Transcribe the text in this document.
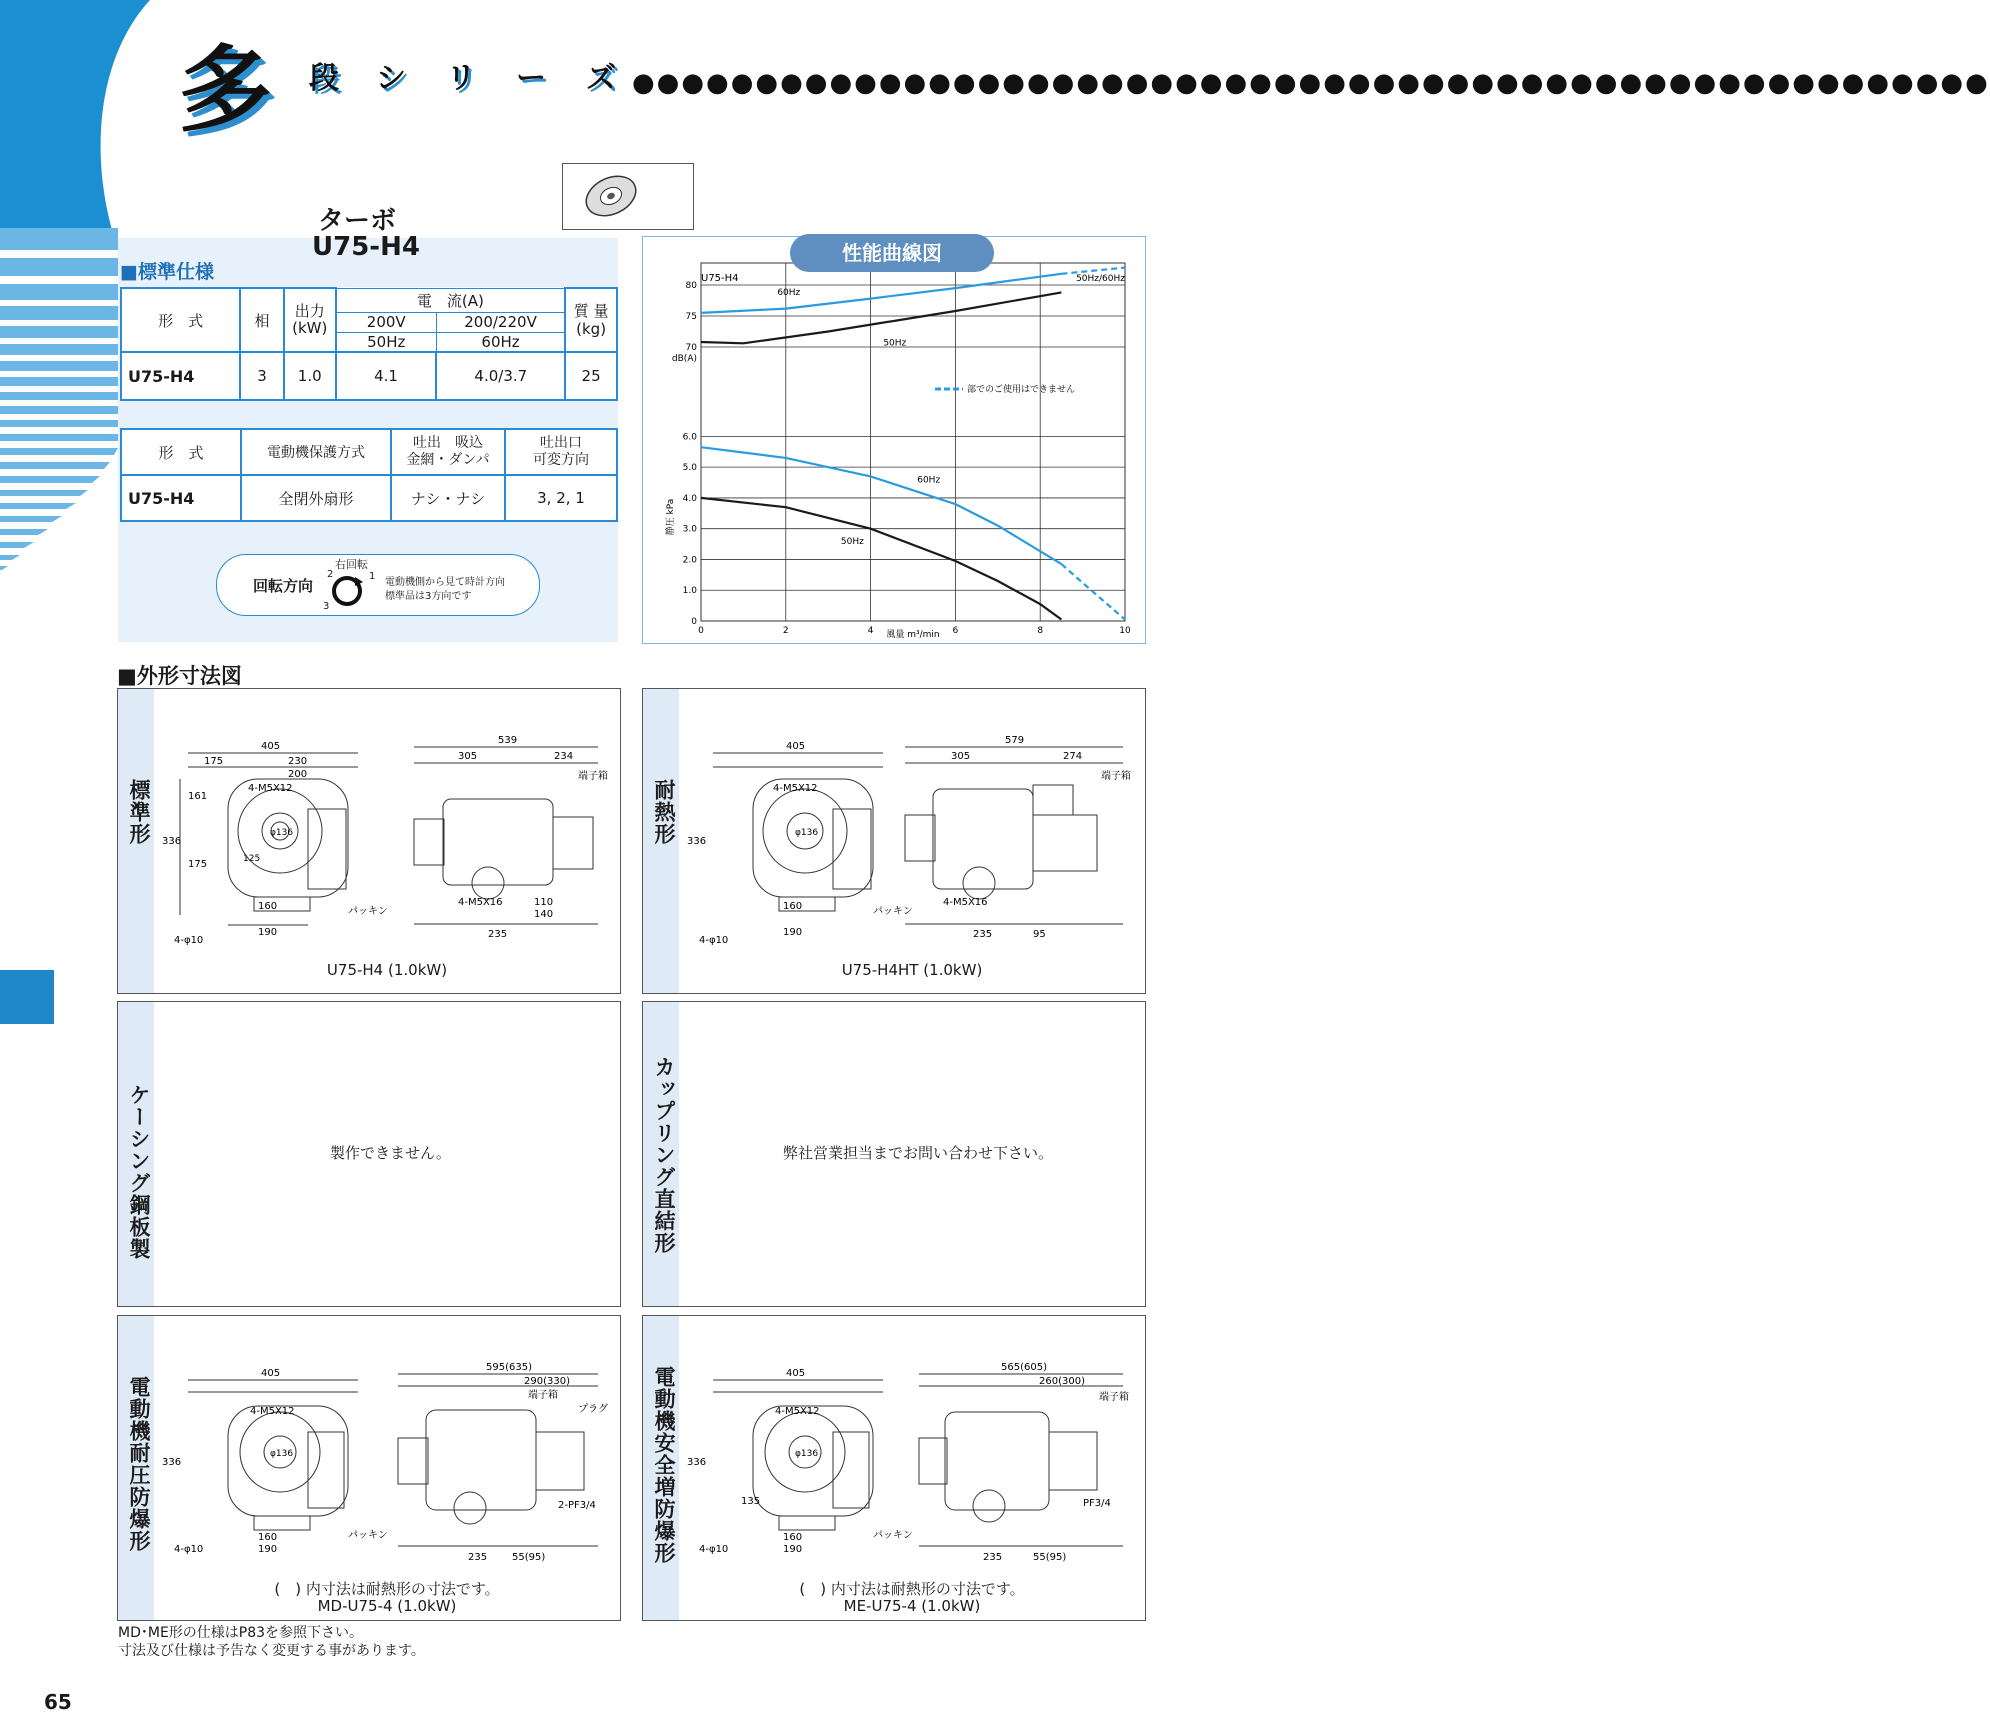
多 段 シ リ ー ズ ●●●●●●●●●●●●●●●●●●●●●●●●●●●●●●●●●●●●●●●●●●●●●●●●●●●●●●●
ターボ
U75-H4
■標準仕様
形　式	相	出力
(kW)	電　流(A)		質 量
(kg)
			200V	200/220V	
			50Hz	60Hz	
U75-H4	3	1.0	4.1	4.0/3.7	25
形　式	電動機保護方式	吐出　吸込
金網・ダンパ	吐出口
可変方向
U75-H4	全閉外扇形	ナシ・ナシ	3, 2, 1
回転方向
右回転
2	1
3
電動機側から見て時計方向
標準品は3方向です
U75-H4	50Hz/60Hz
0	2	4	6	8	10
0
1.0
2.0
3.0
4.0
5.0
6.0
70
75
80
dB(A)
静圧 kPa
風量 m³/min
60Hz
50Hz
60Hz
50Hz
部でのご使用はできません
性能曲線図
■外形寸法図
標準形
405
175	230
200
4-M5X12
φ136
125
336
161
175
160
190
4-φ10
パッキン
539
305	234
端子箱
4-M5X16
235
110
140
U75-H4 (1.0kW)
耐熱形
405
4-M5X12
φ136
336
160
190
4-φ10
パッキン
579
305	274
端子箱
4-M5X16
235	95
U75-H4HT (1.0kW)
ケーシング鋼板製	製作できません。	カップリング直結形	弊社営業担当までお問い合わせ下さい。
電動機耐圧防爆形
405
4-M5X12
φ136
336
160
190
4-φ10
パッキン
595(635)
290(330)
端子箱
プラグ
2-PF3/4
235 55(95)
(　) 内寸法は耐熱形の寸法です。
MD-U75-4 (1.0kW)
電動機安全増防爆形	405
4-M5X12
φ136
336
135
160
190
4-φ10
パッキン
565(605)
260(300)
端子箱
PF3/4
235	55(95)
(　) 内寸法は耐熱形の寸法です。
ME-U75-4 (1.0kW)
MD･ME形の仕様はP83を参照下さい。
寸法及び仕様は予告なく変更する事があります。
65
